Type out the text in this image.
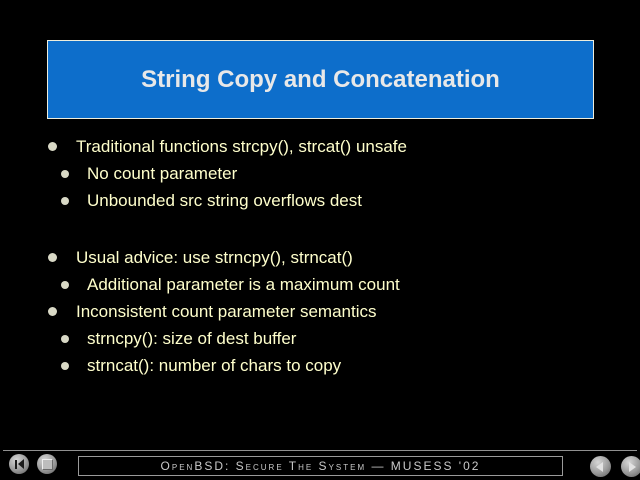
String Copy and Concatenation
Traditional functions strcpy(), strcat() unsafe
No count parameter
Unbounded src string overflows dest
Usual advice: use strncpy(), strncat()
Additional parameter is a maximum count
Inconsistent count parameter semantics
strncpy(): size of dest buffer
strncat(): number of chars to copy
OpenBSD: Secure The System — MUSESS '02
